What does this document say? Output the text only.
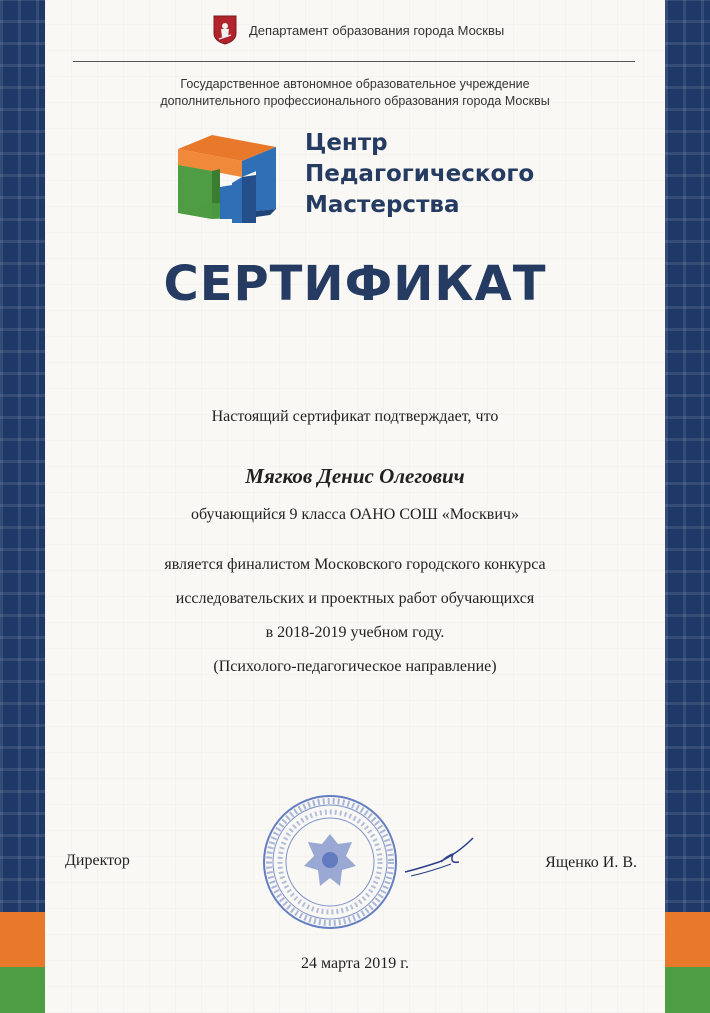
Департамент образования города Москвы
Государственное автономное образовательное учреждение
дополнительного профессионального образования города Москвы
Центр
Педагогического
Мастерства
СЕРТИФИКАТ
Настоящий сертификат подтверждает, что
Мягков Денис Олегович
обучающийся 9 класса ОАНО СОШ «Москвич»
является финалистом Московского городского конкурса
исследовательских и проектных работ обучающихся
в 2018-2019 учебном году.
(Психолого-педагогическое направление)
Директор	Ященко И. В.
24 марта 2019 г.
